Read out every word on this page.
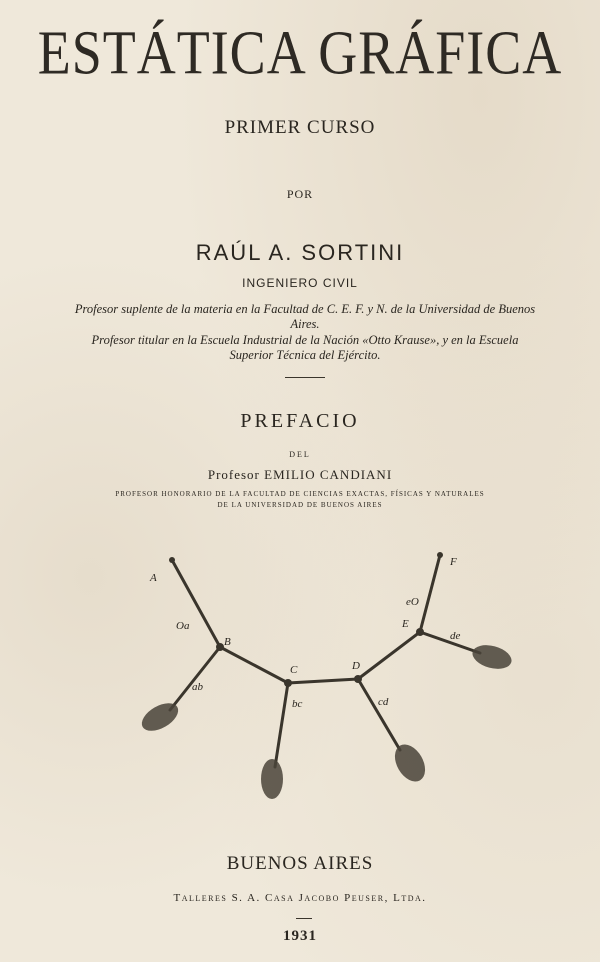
ESTÁTICA GRÁFICA
PRIMER CURSO
POR
RAÚL A. SORTINI
INGENIERO CIVIL
Profesor suplente de la materia en la Facultad de C. E. F. y N. de la Universidad de Buenos Aires.
Profesor titular en la Escuela Industrial de la Nación «Otto Krause», y en la Escuela Superior Técnica del Ejército.
PREFACIO
DEL
Profesor EMILIO CANDIANI
PROFESOR HONORARIO DE LA FACULTAD DE CIENCIAS EXACTAS, FÍSICAS Y NATURALES
DE LA UNIVERSIDAD DE BUENOS AIRES
A
B
C	D
E
F
Oa
ab
bc	cd
de
eO
BUENOS AIRES
Talleres S. A. Casa Jacobo Peuser, Ltda.
1931
